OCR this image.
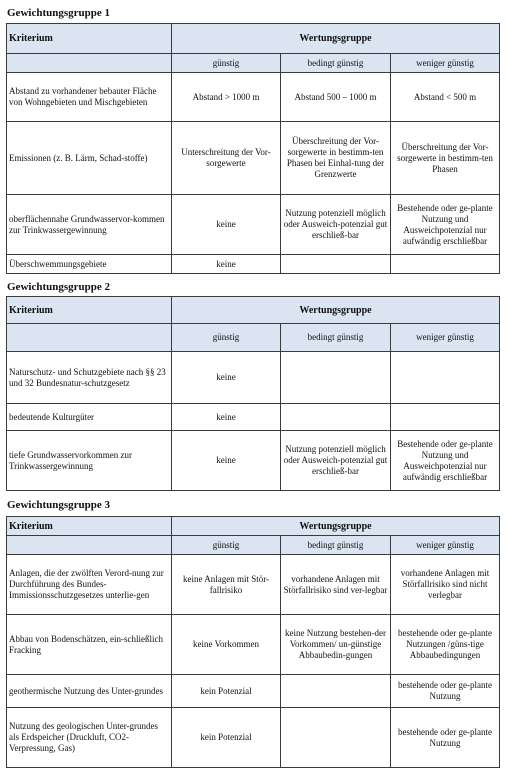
Gewichtungsgruppe 1
Kriterium	Wertungsgruppe		
	günstig	bedingt günstig	weniger günstig
Abstand zu vorhandener bebauter Fläche von Wohngebieten und Mischgebieten	Abstand > 1000 m	Abstand 500 – 1000 m	Abstand < 500 m
Emissionen (z. B. Lärm, Schad-stoffe)	Unterschreitung der Vor-sorgewerte	Überschreitung der Vor-sorgewerte in bestimm-ten Phasen bei Einhal-tung der Grenzwerte	Überschreitung der Vor-sorgewerte in bestimm-ten Phasen
oberflächennahe Grundwasservor-kommen zur Trinkwassergewinnung	keine	Nutzung potenziell möglich oder Ausweich-potenzial gut erschließ-bar	Bestehende oder ge-plante Nutzung und Ausweichpotenzial nur aufwändig erschließbar
Überschwemmungsgebiete	keine		
Gewichtungsgruppe 2
Kriterium	Wertungsgruppe		
	günstig	bedingt günstig	weniger günstig
Naturschutz- und Schutzgebiete nach §§ 23 und 32 Bundesnatur-schutzgesetz	keine		
bedeutende Kulturgüter	keine		
tiefe Grundwasservorkommen zur Trinkwassergewinnung	keine	Nutzung potenziell möglich oder Ausweich-potenzial gut erschließ-bar	Bestehende oder ge-plante Nutzung und Ausweichpotenzial nur aufwändig erschließbar
Gewichtungsgruppe 3
Kriterium	Wertungsgruppe		
	günstig	bedingt günstig	weniger günstig
Anlagen, die der zwölften Verord-nung zur Durchführung des Bundes-Immissionsschutzgesetzes unterlie-gen	keine Anlagen mit Stör-fallrisiko	vorhandene Anlagen mit Störfallrisiko sind ver-legbar	vorhandene Anlagen mit Störfallrisiko sind nicht verlegbar
Abbau von Bodenschätzen, ein-schließlich Fracking	keine Vorkommen	keine Nutzung bestehen-der Vorkommen/ un-günstige Abbaubedin-gungen	bestehende oder ge-plante Nutzungen /güns-tige Abbaubedingungen
geothermische Nutzung des Unter-grundes	kein Potenzial		bestehende oder ge-plante Nutzung
Nutzung des geologischen Unter-grundes als Erdspeicher (Druckluft, CO2-Verpressung, Gas)	kein Potenzial		bestehende oder ge-plante Nutzung
